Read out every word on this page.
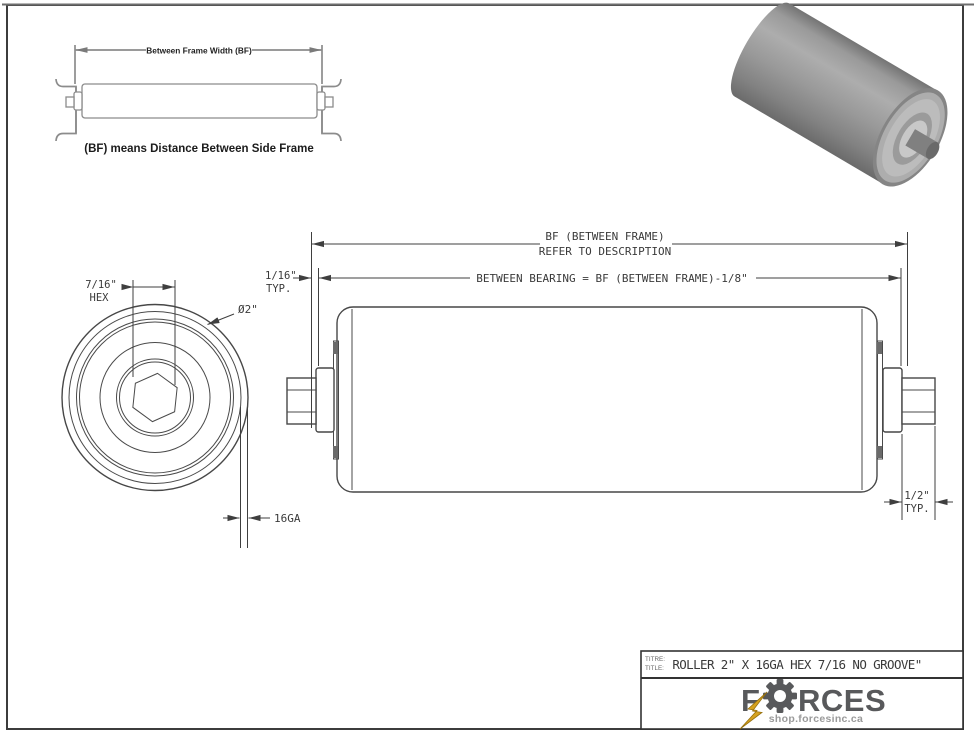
Between Frame Width (BF)
(BF) means Distance Between Side Frame
7/16"
HEX
Ø2"
16GA
BF (BETWEEN FRAME)
REFER TO DESCRIPTION
BETWEEN BEARING = BF (BETWEEN FRAME)-1/8"
1/16"
TYP.
1/2"
TYP.
TITRE:
TITLE: ROLLER 2" X 16GA HEX 7/16 NO GROOVE"
F RCES
shop.forcesinc.ca
